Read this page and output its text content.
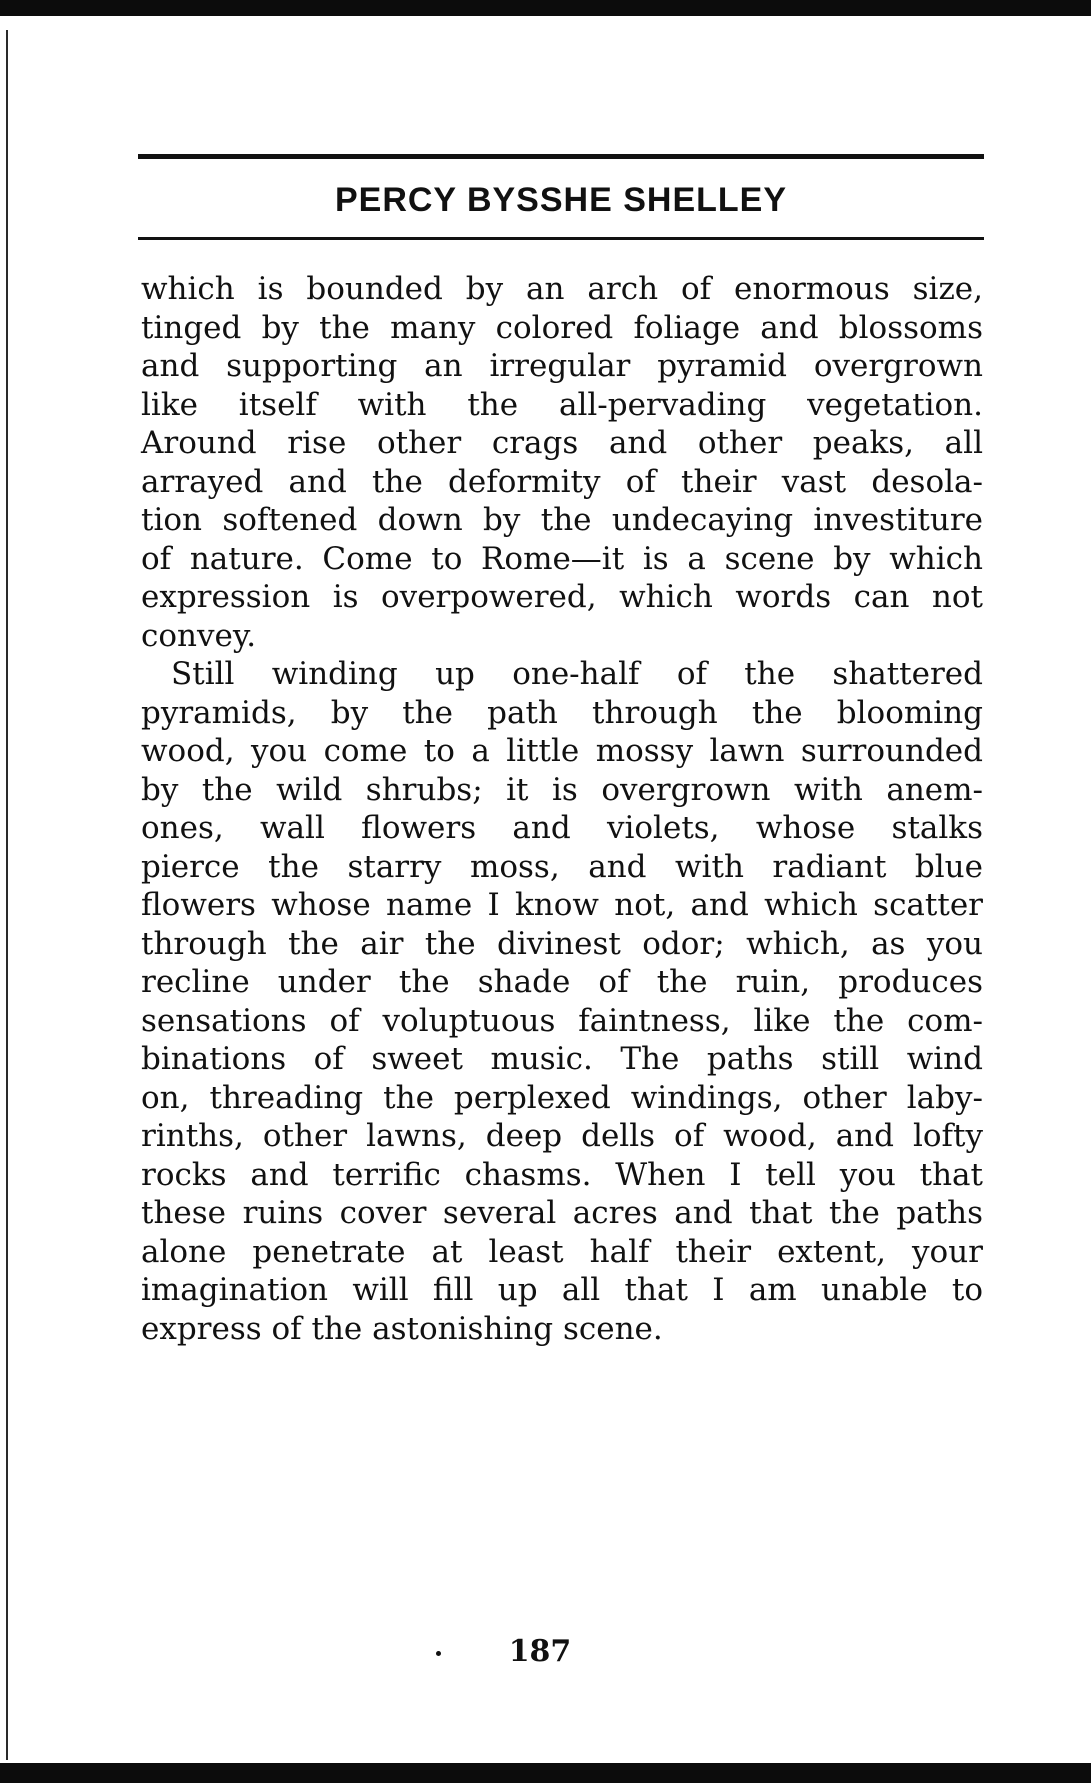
PERCY BYSSHE SHELLEY
which is bounded by an arch of enormous size,
tinged by the many colored foliage and blossoms
and supporting an irregular pyramid overgrown
like itself with the all-pervading vegetation.
Around rise other crags and other peaks, all
arrayed and the deformity of their vast desola-
tion softened down by the undecaying investiture
of nature. Come to Rome—it is a scene by which
expression is overpowered, which words can not
convey.
Still winding up one-half of the shattered
pyramids, by the path through the blooming
wood, you come to a little mossy lawn surrounded
by the wild shrubs; it is overgrown with anem-
ones, wall flowers and violets, whose stalks
pierce the starry moss, and with radiant blue
flowers whose name I know not, and which scatter
through the air the divinest odor; which, as you
recline under the shade of the ruin, produces
sensations of voluptuous faintness, like the com-
binations of sweet music. The paths still wind
on, threading the perplexed windings, other laby-
rinths, other lawns, deep dells of wood, and lofty
rocks and terrific chasms. When I tell you that
these ruins cover several acres and that the paths
alone penetrate at least half their extent, your
imagination will fill up all that I am unable to
express of the astonishing scene.
187
